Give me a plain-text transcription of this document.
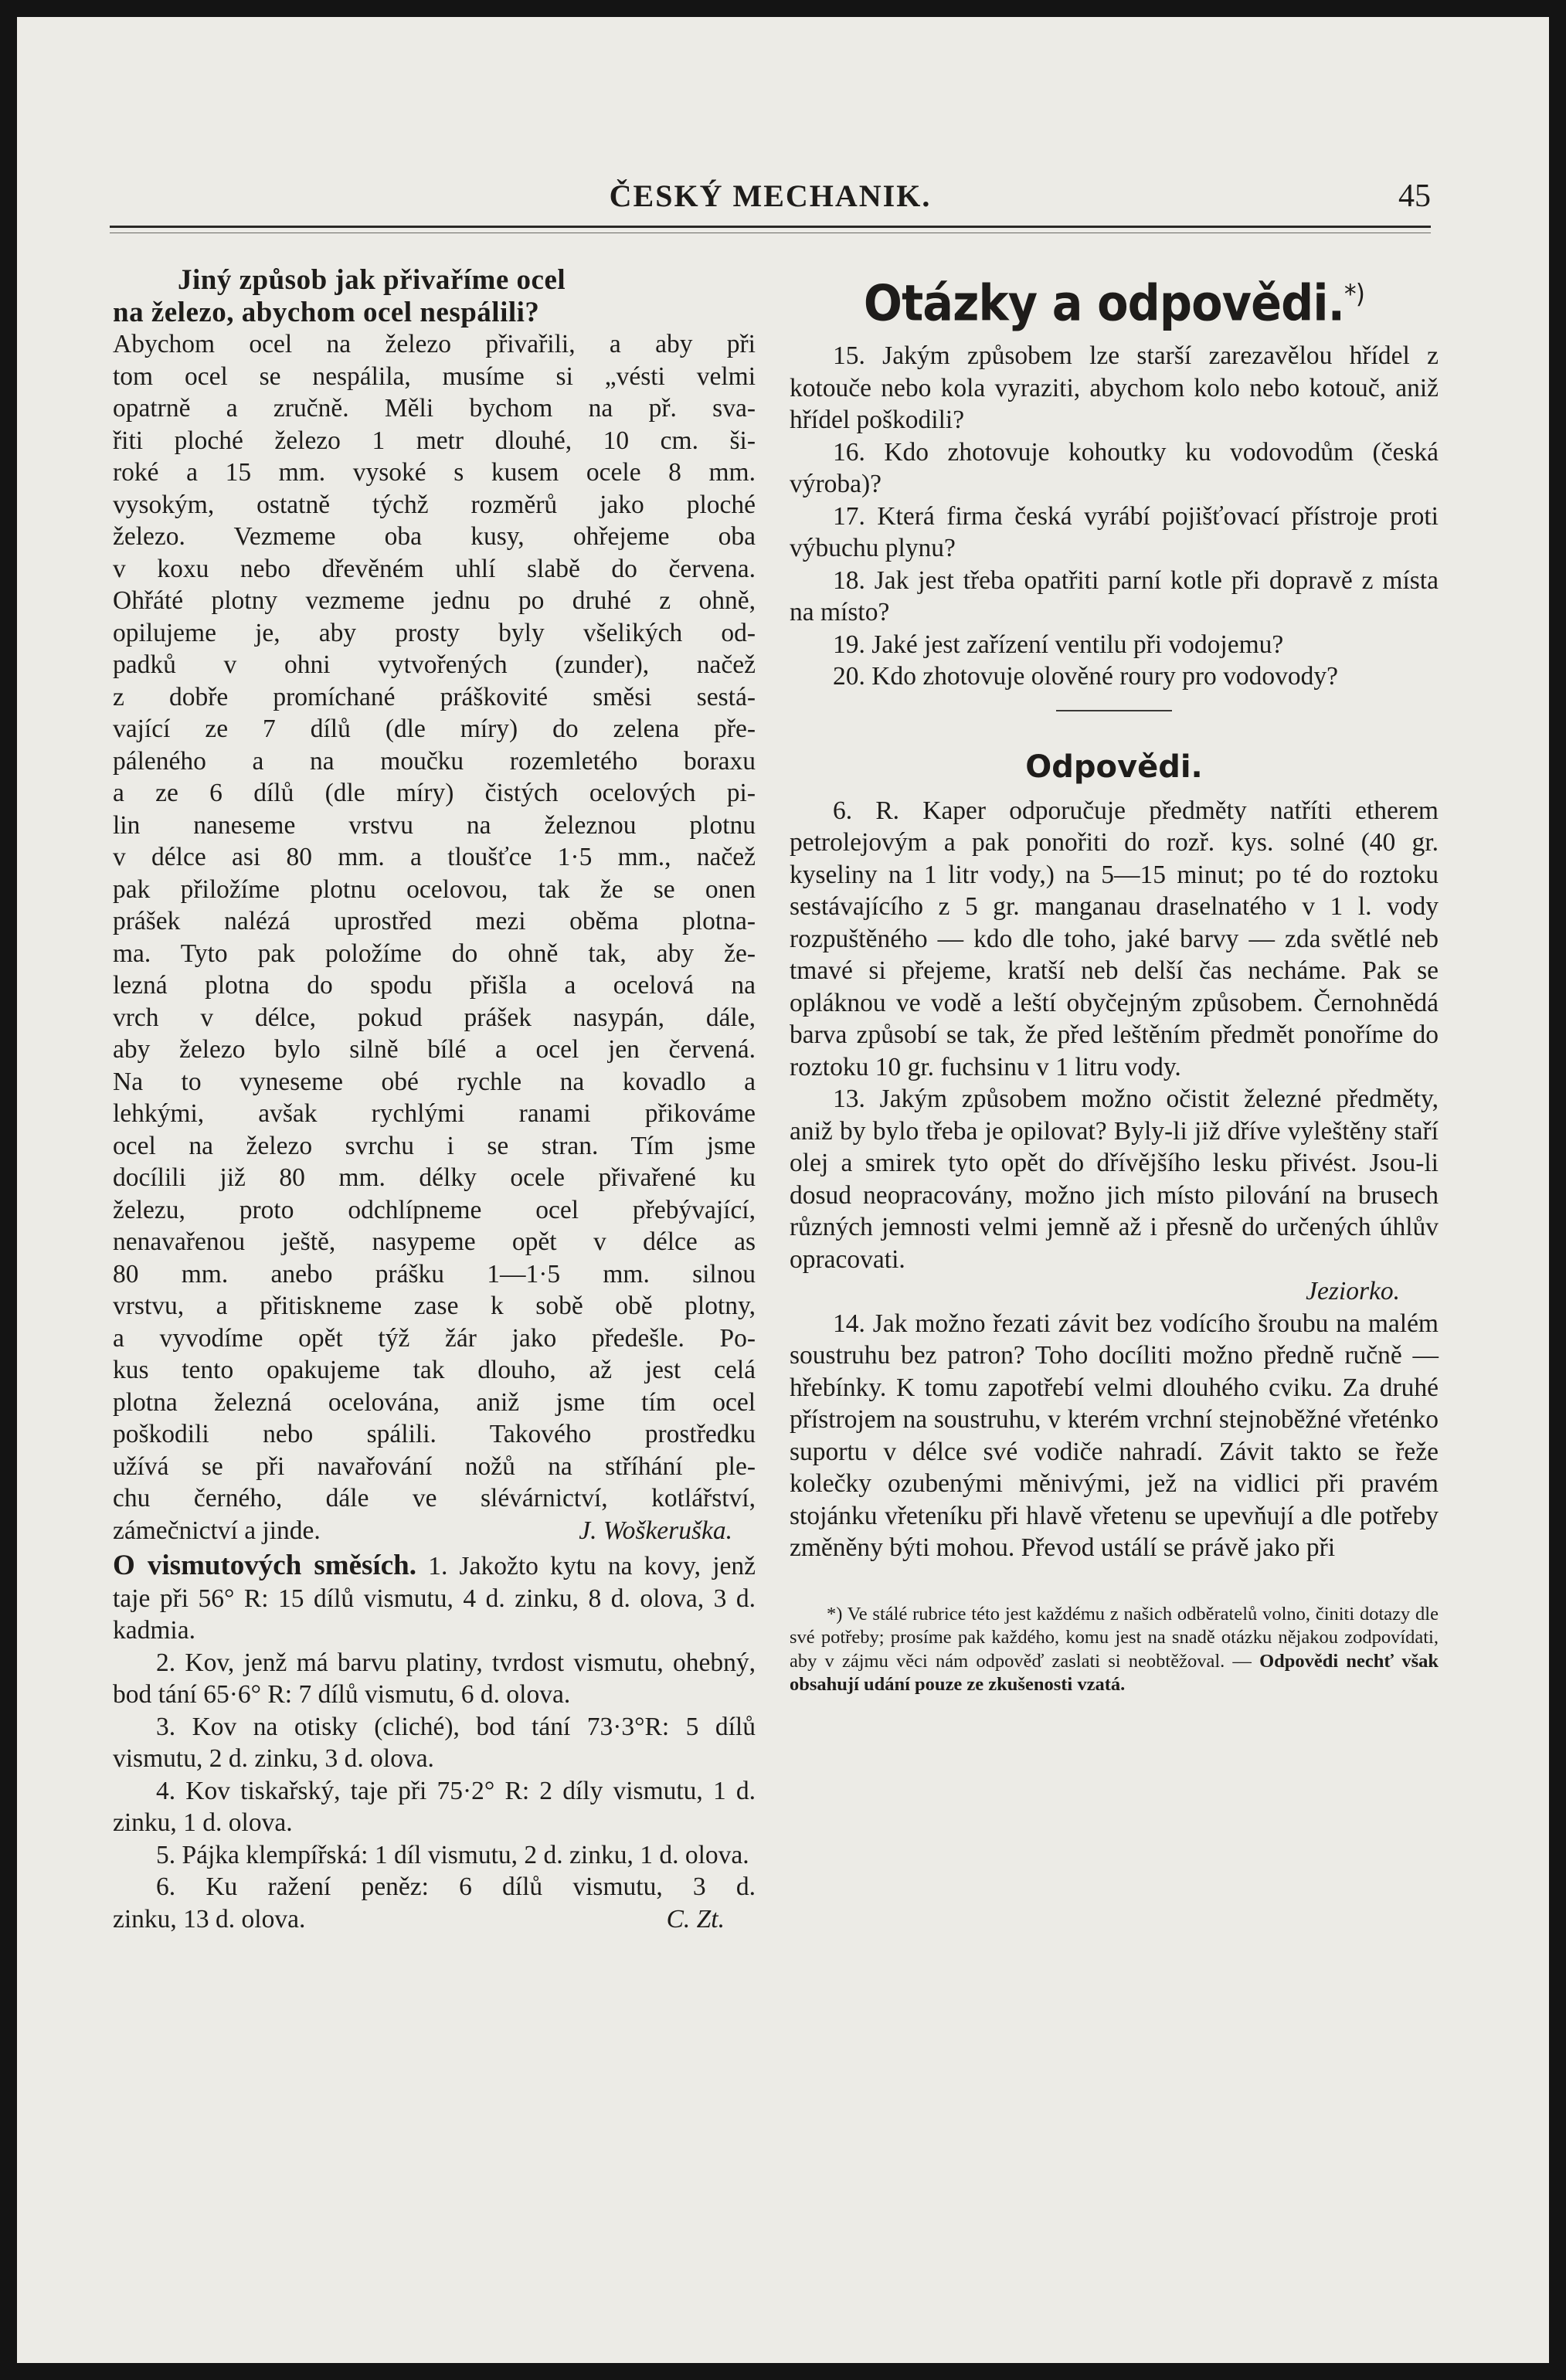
ČESKÝ MECHANIK.	45
Jiný způsob jak přivaříme ocel
na železo, abychom ocel nespálili?
Abychom ocel na železo přivařili, a aby při
tom ocel se nespálila, musíme si „vésti velmi
opatrně a zručně. Měli bychom na př. sva-
řiti ploché železo 1 metr dlouhé, 10 cm. ši-
roké a 15 mm. vysoké s kusem ocele 8 mm.
vysokým, ostatně týchž rozměrů jako ploché
železo. Vezmeme oba kusy, ohřejeme oba
v koxu nebo dřevěném uhlí slabě do červena.
Ohřáté plotny vezmeme jednu po druhé z ohně,
opilujeme je, aby prosty byly všelikých od-
padků v ohni vytvořených (zunder), načež
z dobře promíchané práškovité směsi sestá-
vající ze 7 dílů (dle míry) do zelena pře-
páleného a na moučku rozemletého boraxu
a ze 6 dílů (dle míry) čistých ocelových pi-
lin naneseme vrstvu na železnou plotnu
v délce asi 80 mm. a tloušťce 1·5 mm., načež
pak přiložíme plotnu ocelovou, tak že se onen
prášek nalézá uprostřed mezi oběma plotna-
ma. Tyto pak položíme do ohně tak, aby že-
lezná plotna do spodu přišla a ocelová na
vrch v délce, pokud prášek nasypán, dále,
aby železo bylo silně bílé a ocel jen červená.
Na to vyneseme obé rychle na kovadlo a
lehkými, avšak rychlými ranami přikováme
ocel na železo svrchu i se stran. Tím jsme
docílili již 80 mm. délky ocele přivařené ku
železu, proto odchlípneme ocel přebývající,
nenavařenou ještě, nasypeme opět v délce as
80 mm. anebo prášku 1—1·5 mm. silnou
vrstvu, a přitiskneme zase k sobě obě plotny,
a vyvodíme opět týž žár jako předešle. Po-
kus tento opakujeme tak dlouho, až jest celá
plotna železná ocelována, aniž jsme tím ocel
poškodili nebo spálili. Takového prostředku
užívá se při navařování nožů na stříhání ple-
chu černého, dále ve slévárnictví, kotlářství,
zámečnictví a jinde.	J. Woškeruška.

O vismutových směsích. 1. Jakožto kytu na kovy, jenž taje při 56° R: 15 dílů vismutu, 4 d. zinku, 8 d. olova, 3 d. kadmia.

2. Kov, jenž má barvu platiny, tvrdost vismutu, ohebný, bod tání 65·6° R: 7 dílů vismutu, 6 d. olova.

3. Kov na otisky (cliché), bod tání 73·3°R: 5 dílů vismutu, 2 d. zinku, 3 d. olova.

4. Kov tiskařský, taje při 75·2° R: 2 díly vismutu, 1 d. zinku, 1 d. olova.

5. Pájka klempířská: 1 díl vismutu, 2 d. zinku, 1 d. olova.

6. Ku ražení peněz: 6 dílů vismutu, 3 d.
zinku, 13 d. olova.	C. Zt.
Otázky a odpovědi.*)

15. Jakým způsobem lze starší zarezavělou hřídel z kotouče nebo kola vyraziti, abychom kolo nebo kotouč, aniž hřídel poškodili?

16. Kdo zhotovuje kohoutky ku vodovodům (česká výroba)?

17. Která firma česká vyrábí pojišťovací přístroje proti výbuchu plynu?

18. Jak jest třeba opatřiti parní kotle při dopravě z místa na místo?

19. Jaké jest zařízení ventilu při vodojemu?

20. Kdo zhotovuje olověné roury pro vodovody?

Odpovědi.

6. R. Kaper odporučuje předměty natříti etherem petrolejovým a pak ponořiti do rozř. kys. solné (40 gr. kyseliny na 1 litr vody,) na 5—15 minut; po té do roztoku sestávajícího z 5 gr. manganau draselnatého v 1 l. vody rozpuštěného — kdo dle toho, jaké barvy — zda světlé neb tmavé si přejeme, kratší neb delší čas necháme. Pak se opláknou ve vodě a leští obyčejným způsobem. Černohnědá barva způsobí se tak, že před leštěním předmět ponoříme do roztoku 10 gr. fuchsinu v 1 litru vody.

13. Jakým způsobem možno očistit železné předměty, aniž by bylo třeba je opilovat? Byly-li již dříve vyleštěny staří olej a smirek tyto opět do dřívějšího lesku přivést. Jsou-li dosud neopracovány, možno jich místo pilování na brusech různých jemnosti velmi jemně až i přesně do určených úhlův opracovati.

Jeziorko.

14. Jak možno řezati závit bez vodícího šroubu na malém soustruhu bez patron? Toho docíliti možno předně ručně — hřebínky. K tomu zapotřebí velmi dlouhého cviku. Za druhé přístrojem na soustruhu, v kterém vrchní stejnoběžné vřeténko suportu v délce své vodiče nahradí. Závit takto se řeže kolečky ozubenými měnivými, jež na vidlici při pravém stojánku vřeteníku při hlavě vřetenu se upevňují a dle potřeby změněny býti mohou. Převod ustálí se právě jako při

*) Ve stálé rubrice této jest každému z našich odběratelů volno, činiti dotazy dle své potřeby; prosíme pak každého, komu jest na snadě otázku nějakou zodpovídati, aby v zájmu věci nám odpověď zaslati si neobtěžoval. — Odpovědi nechť však obsahují udání pouze ze zkušenosti vzatá.
